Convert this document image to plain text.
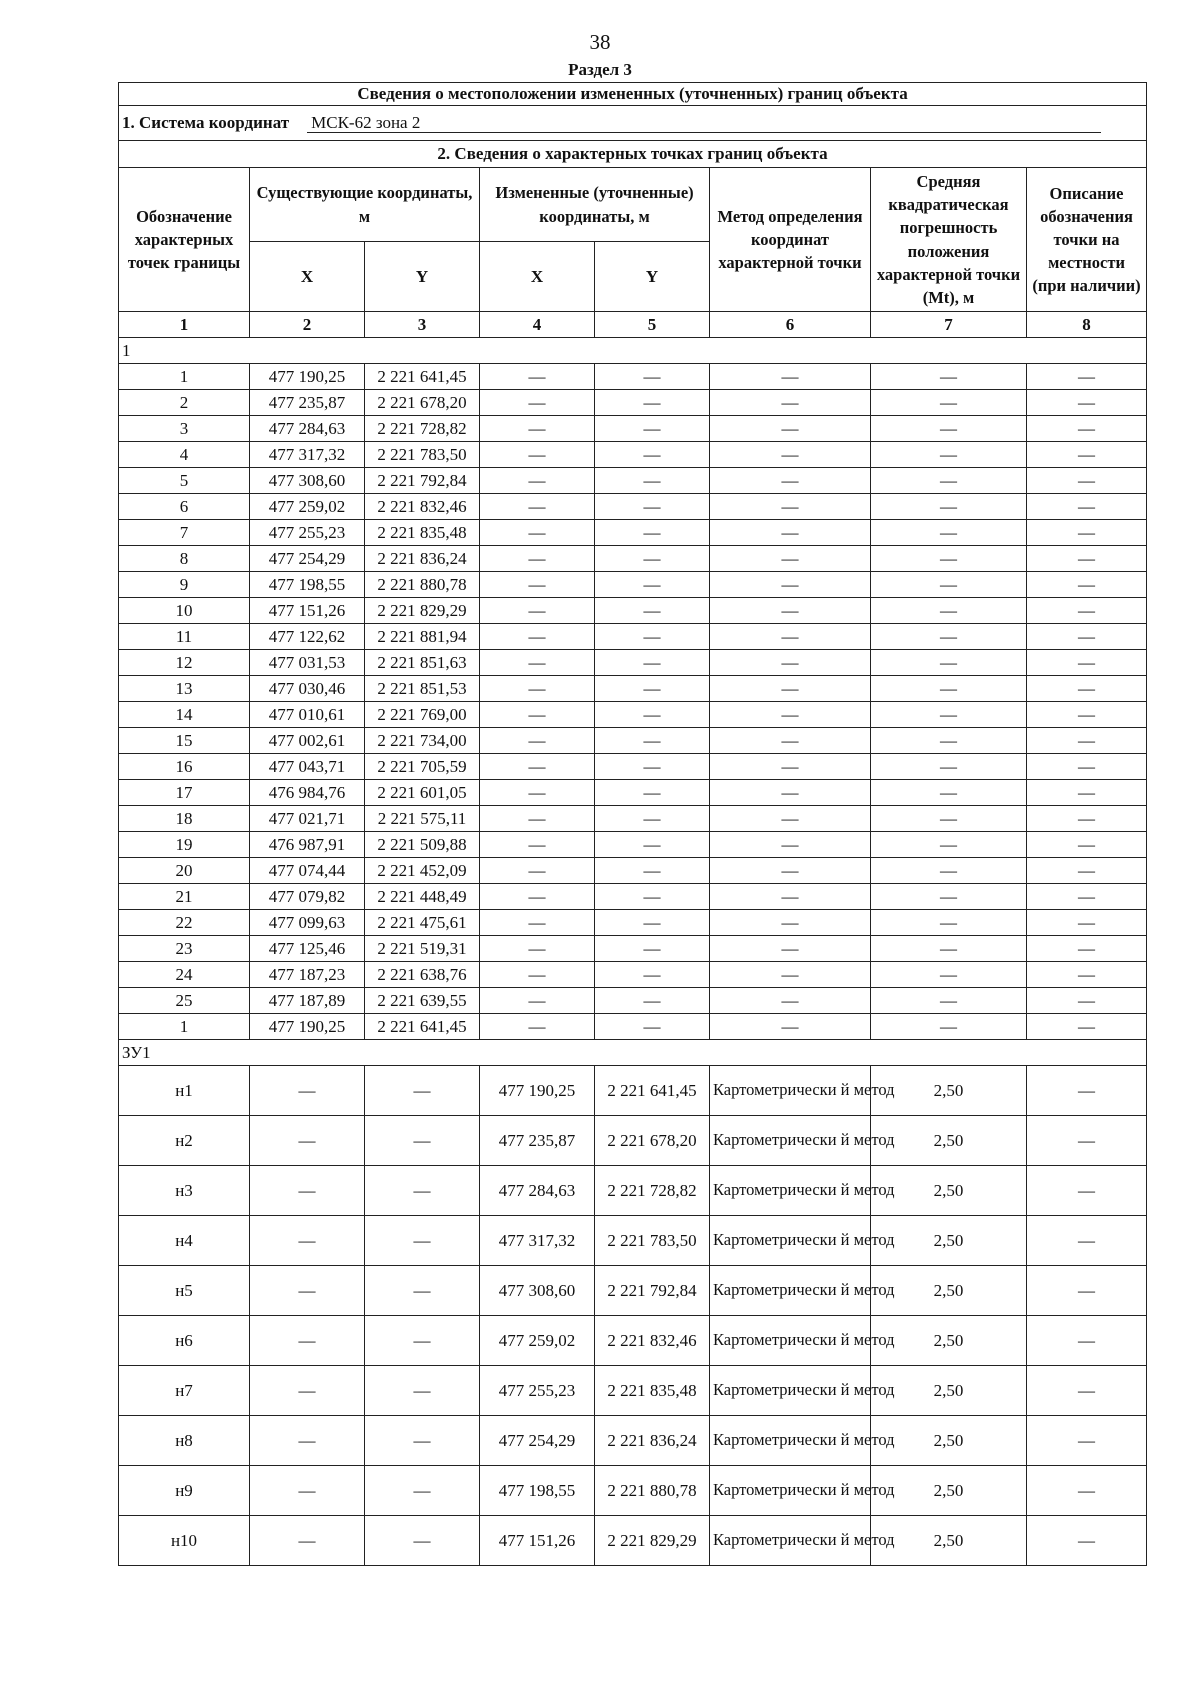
38
Раздел 3
Сведения о местоположении измененных (уточненных) границ объекта							
1. Система координат МСК-62 зона 2							
2. Сведения о характерных точках границ объекта							
Обозначение характерных точек границы	Существующие координаты, м		Измененные (уточненные) координаты, м		Метод определения координат характерной точки	Средняя квадратическая погрешность положения характерной точки (Mt), м	Описание обозначения точки на местности (при наличии)
	X	Y	X	Y			
1	2	3	4	5	6	7	8
1							
1	477 190,25	2 221 641,45	—	—	—	—	—
2	477 235,87	2 221 678,20	—	—	—	—	—
3	477 284,63	2 221 728,82	—	—	—	—	—
4	477 317,32	2 221 783,50	—	—	—	—	—
5	477 308,60	2 221 792,84	—	—	—	—	—
6	477 259,02	2 221 832,46	—	—	—	—	—
7	477 255,23	2 221 835,48	—	—	—	—	—
8	477 254,29	2 221 836,24	—	—	—	—	—
9	477 198,55	2 221 880,78	—	—	—	—	—
10	477 151,26	2 221 829,29	—	—	—	—	—
11	477 122,62	2 221 881,94	—	—	—	—	—
12	477 031,53	2 221 851,63	—	—	—	—	—
13	477 030,46	2 221 851,53	—	—	—	—	—
14	477 010,61	2 221 769,00	—	—	—	—	—
15	477 002,61	2 221 734,00	—	—	—	—	—
16	477 043,71	2 221 705,59	—	—	—	—	—
17	476 984,76	2 221 601,05	—	—	—	—	—
18	477 021,71	2 221 575,11	—	—	—	—	—
19	476 987,91	2 221 509,88	—	—	—	—	—
20	477 074,44	2 221 452,09	—	—	—	—	—
21	477 079,82	2 221 448,49	—	—	—	—	—
22	477 099,63	2 221 475,61	—	—	—	—	—
23	477 125,46	2 221 519,31	—	—	—	—	—
24	477 187,23	2 221 638,76	—	—	—	—	—
25	477 187,89	2 221 639,55	—	—	—	—	—
1	477 190,25	2 221 641,45	—	—	—	—	—
ЗУ1							
н1	—	—	477 190,25	2 221 641,45	Картометрически й метод	2,50	—
н2	—	—	477 235,87	2 221 678,20	Картометрически й метод	2,50	—
н3	—	—	477 284,63	2 221 728,82	Картометрически й метод	2,50	—
н4	—	—	477 317,32	2 221 783,50	Картометрически й метод	2,50	—
н5	—	—	477 308,60	2 221 792,84	Картометрически й метод	2,50	—
н6	—	—	477 259,02	2 221 832,46	Картометрически й метод	2,50	—
н7	—	—	477 255,23	2 221 835,48	Картометрически й метод	2,50	—
н8	—	—	477 254,29	2 221 836,24	Картометрически й метод	2,50	—
н9	—	—	477 198,55	2 221 880,78	Картометрически й метод	2,50	—
н10	—	—	477 151,26	2 221 829,29	Картометрически й метод	2,50	—
